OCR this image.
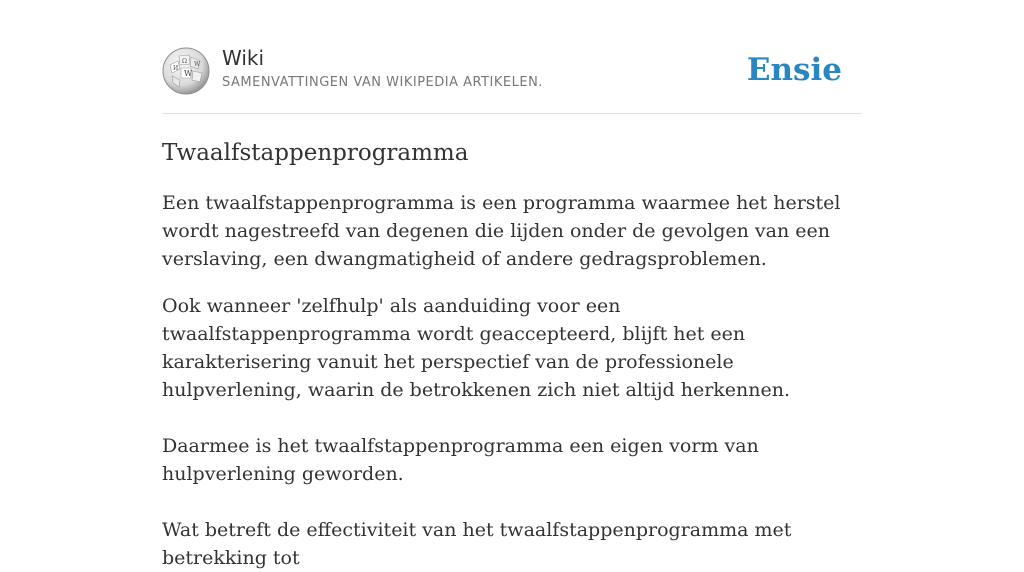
W
Ω
И
W Wiki
SAMENVATTINGEN VAN WIKIPEDIA ARTIKELEN.	Ensie
Twaalfstappenprogramma

Een twaalfstappenprogramma is een programma waarmee het herstel wordt nagestreefd van degenen die lijden onder de gevolgen van een verslaving, een dwangmatigheid of andere gedragsproblemen.

Ook wanneer 'zelfhulp' als aanduiding voor een twaalfstappenprogramma wordt geaccepteerd, blijft het een karakterisering vanuit het perspectief van de professionele hulpverlening, waarin de betrokkenen zich niet altijd herkennen.

Daarmee is het twaalfstappenprogramma een eigen vorm van hulpverlening geworden.

Wat betreft de effectiviteit van het twaalfstappenprogramma met betrekking tot
